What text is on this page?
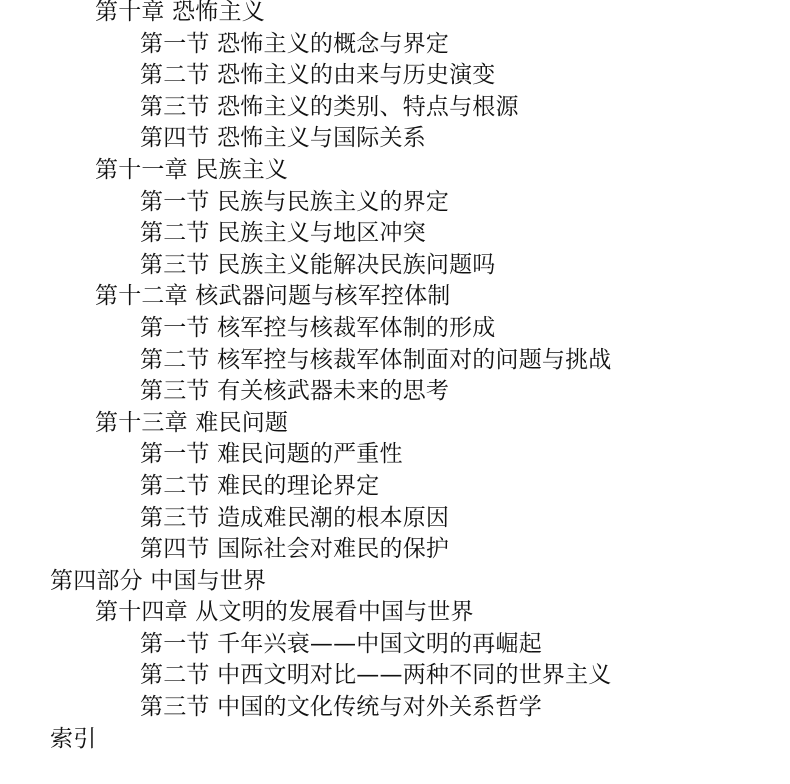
第十章 恐怖主义
第一节 恐怖主义的概念与界定
第二节 恐怖主义的由来与历史演变
第三节 恐怖主义的类别、特点与根源
第四节 恐怖主义与国际关系
第十一章 民族主义
第一节 民族与民族主义的界定
第二节 民族主义与地区冲突
第三节 民族主义能解决民族问题吗
第十二章 核武器问题与核军控体制
第一节 核军控与核裁军体制的形成
第二节 核军控与核裁军体制面对的问题与挑战
第三节 有关核武器未来的思考
第十三章 难民问题
第一节 难民问题的严重性
第二节 难民的理论界定
第三节 造成难民潮的根本原因
第四节 国际社会对难民的保护
第四部分 中国与世界
第十四章 从文明的发展看中国与世界
第一节 千年兴衰——中国文明的再崛起
第二节 中西文明对比——两种不同的世界主义
第三节 中国的文化传统与对外关系哲学
索引
